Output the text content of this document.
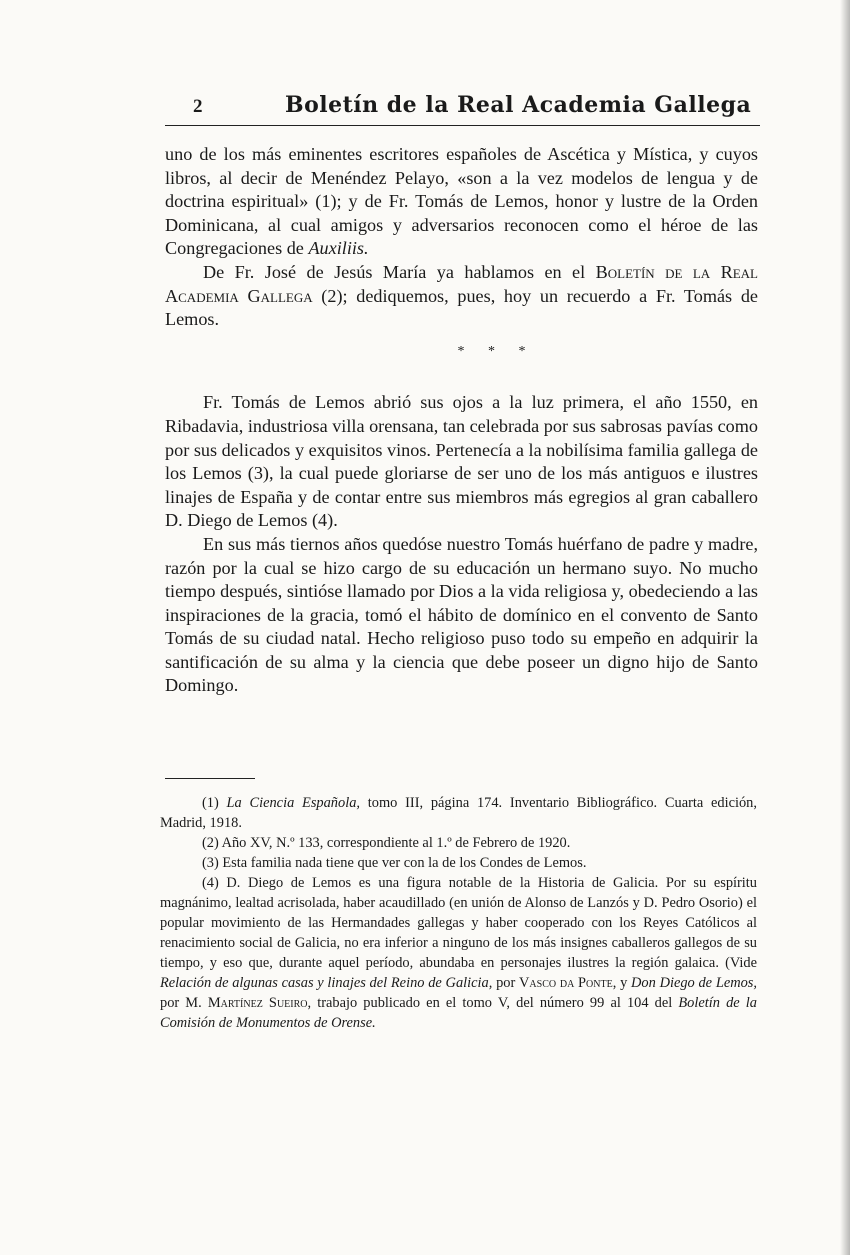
2	Boletín de la Real Academia Gallega

uno de los más eminentes escritores españoles de Ascética y Mística, y cuyos libros, al decir de Menéndez Pelayo, «son a la vez modelos de lengua y de doctrina espiritual» (1); y de Fr. Tomás de Lemos, honor y lustre de la Orden Dominicana, al cual amigos y adversarios reconocen como el héroe de las Congregaciones de Auxiliis.

De Fr. José de Jesús María ya hablamos en el Boletín de la Real Academia Gallega (2); dediquemos, pues, hoy un recuerdo a Fr. Tomás de Lemos.

* * *

Fr. Tomás de Lemos abrió sus ojos a la luz primera, el año 1550, en Ribadavia, industriosa villa orensana, tan celebrada por sus sabrosas pavías como por sus delicados y exquisitos vinos. Pertenecía a la nobilísima familia gallega de los Lemos (3), la cual puede gloriarse de ser uno de los más antiguos e ilustres linajes de España y de contar entre sus miembros más egregios al gran caballero D. Diego de Lemos (4).

En sus más tiernos años quedóse nuestro Tomás huérfano de padre y madre, razón por la cual se hizo cargo de su educación un hermano suyo. No mucho tiempo después, sintióse llamado por Dios a la vida religiosa y, obedeciendo a las inspiraciones de la gracia, tomó el hábito de domínico en el convento de Santo Tomás de su ciudad natal. Hecho religioso puso todo su empeño en adquirir la santificación de su alma y la ciencia que debe poseer un digno hijo de Santo Domingo.

(1) La Ciencia Española, tomo III, página 174. Inventario Bibliográfico. Cuarta edición, Madrid, 1918.

(2) Año XV, N.º 133, correspondiente al 1.º de Febrero de 1920.

(3) Esta familia nada tiene que ver con la de los Condes de Lemos.

(4) D. Diego de Lemos es una figura notable de la Historia de Galicia. Por su espíritu magnánimo, lealtad acrisolada, haber acaudillado (en unión de Alonso de Lanzós y D. Pedro Osorio) el popular movimiento de las Hermandades gallegas y haber cooperado con los Reyes Católicos al renacimiento social de Galicia, no era inferior a ninguno de los más insignes caballeros gallegos de su tiempo, y eso que, durante aquel período, abundaba en personajes ilustres la región galaica. (Vide Relación de algunas casas y linajes del Reino de Galicia, por Vasco da Ponte, y Don Diego de Lemos, por M. Martínez Sueiro, trabajo publicado en el tomo V, del número 99 al 104 del Boletín de la Comisión de Monumentos de Orense.
